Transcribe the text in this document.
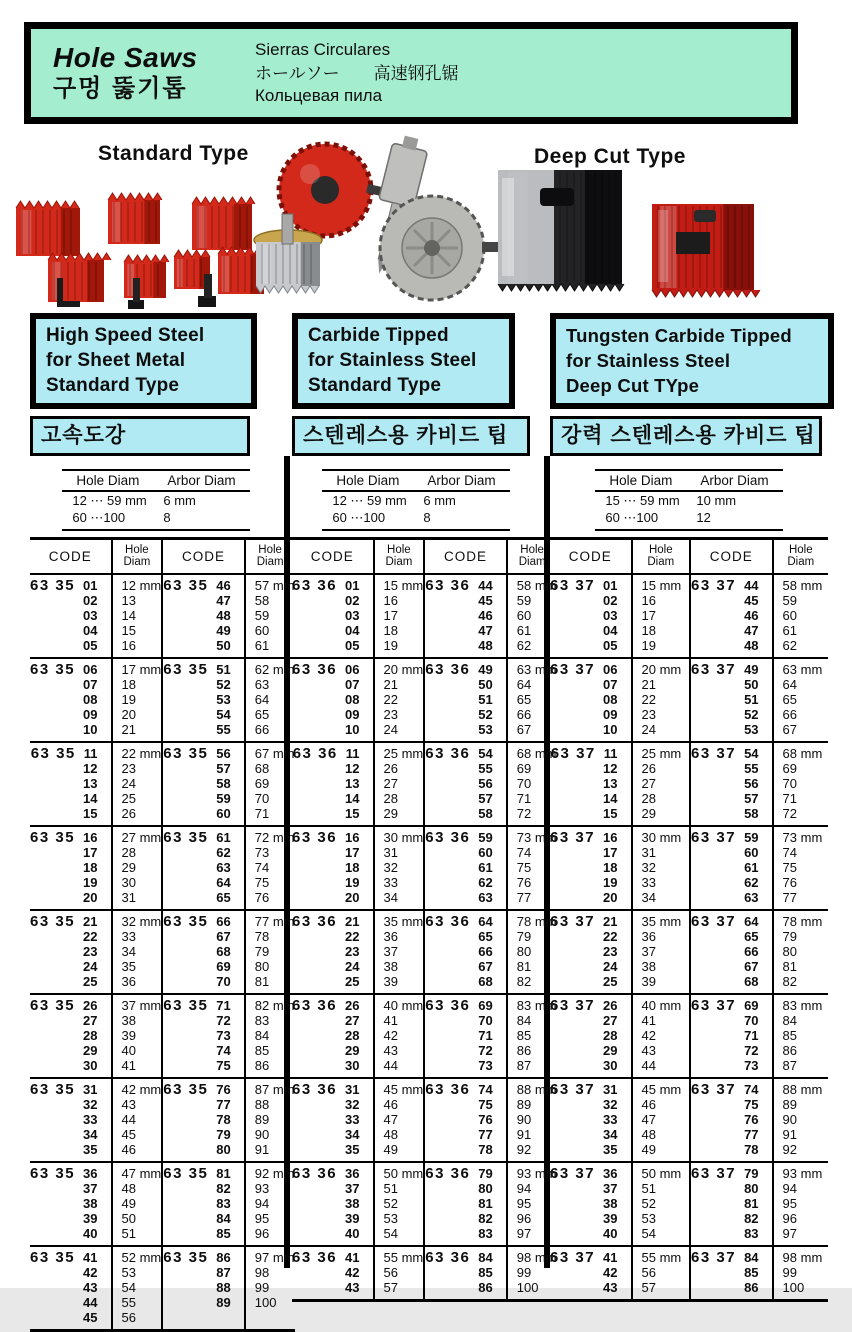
Hole Saws
구멍 뚫기톱
Sierras Circulares
ホールソー 高速钢孔锯
Кольцевая пила
Standard Type	Deep Cut Type
High Speed Steel
for Sheet Metal
Standard Type
고속도강
Hole Diam	Arbor Diam
12 ⋯ 59 mm	6 mm
60 ⋯100	8
CODE	Hole
Diam	CODE	Hole
Diam
63 35 01	12 mm	63 35 46	57 mm
02	13	47	58
03	14	48	59
04	15	49	60
05	16	50	61
63 35 06	17 mm	63 35 51	62 mm
07	18	52	63
08	19	53	64
09	20	54	65
10	21	55	66
63 35 11	22 mm	63 35 56	67 mm
12	23	57	68
13	24	58	69
14	25	59	70
15	26	60	71
63 35 16	27 mm	63 35 61	72 mm
17	28	62	73
18	29	63	74
19	30	64	75
20	31	65	76
63 35 21	32 mm	63 35 66	77 mm
22	33	67	78
23	34	68	79
24	35	69	80
25	36	70	81
63 35 26	37 mm	63 35 71	82 mm
27	38	72	83
28	39	73	84
29	40	74	85
30	41	75	86
63 35 31	42 mm	63 35 76	87 mm
32	43	77	88
33	44	78	89
34	45	79	90
35	46	80	91
63 35 36	47 mm	63 35 81	92 mm
37	48	82	93
38	49	83	94
39	50	84	95
40	51	85	96
63 35 41	52 mm	63 35 86	97 mm
42	53	87	98
43	54	88	99
44	55	89	100
45	56		
Carbide Tipped
for Stainless Steel
Standard Type
스텐레스용 카비드 팁
Hole Diam	Arbor Diam
12 ⋯ 59 mm	6 mm
60 ⋯100	8
CODE	Hole
Diam	CODE	Hole
Diam
63 36 01	15 mm	63 36 44	58 mm
02	16	45	59
03	17	46	60
04	18	47	61
05	19	48	62
63 36 06	20 mm	63 36 49	63 mm
07	21	50	64
08	22	51	65
09	23	52	66
10	24	53	67
63 36 11	25 mm	63 36 54	68 mm
12	26	55	69
13	27	56	70
14	28	57	71
15	29	58	72
63 36 16	30 mm	63 36 59	73 mm
17	31	60	74
18	32	61	75
19	33	62	76
20	34	63	77
63 36 21	35 mm	63 36 64	78 mm
22	36	65	79
23	37	66	80
24	38	67	81
25	39	68	82
63 36 26	40 mm	63 36 69	83 mm
27	41	70	84
28	42	71	85
29	43	72	86
30	44	73	87
63 36 31	45 mm	63 36 74	88 mm
32	46	75	89
33	47	76	90
34	48	77	91
35	49	78	92
63 36 36	50 mm	63 36 79	93 mm
37	51	80	94
38	52	81	95
39	53	82	96
40	54	83	97
63 36 41	55 mm	63 36 84	98 mm
42	56	85	99
43	57	86	100
Tungsten Carbide Tipped
for Stainless Steel
Deep Cut TYpe
강력 스텐레스용 카비드 팁
Hole Diam	Arbor Diam
15 ⋯ 59 mm	10 mm
60 ⋯100	12
CODE	Hole
Diam	CODE	Hole
Diam
63 37 01	15 mm	63 37 44	58 mm
02	16	45	59
03	17	46	60
04	18	47	61
05	19	48	62
63 37 06	20 mm	63 37 49	63 mm
07	21	50	64
08	22	51	65
09	23	52	66
10	24	53	67
63 37 11	25 mm	63 37 54	68 mm
12	26	55	69
13	27	56	70
14	28	57	71
15	29	58	72
63 37 16	30 mm	63 37 59	73 mm
17	31	60	74
18	32	61	75
19	33	62	76
20	34	63	77
63 37 21	35 mm	63 37 64	78 mm
22	36	65	79
23	37	66	80
24	38	67	81
25	39	68	82
63 37 26	40 mm	63 37 69	83 mm
27	41	70	84
28	42	71	85
29	43	72	86
30	44	73	87
63 37 31	45 mm	63 37 74	88 mm
32	46	75	89
33	47	76	90
34	48	77	91
35	49	78	92
63 37 36	50 mm	63 37 79	93 mm
37	51	80	94
38	52	81	95
39	53	82	96
40	54	83	97
63 37 41	55 mm	63 37 84	98 mm
42	56	85	99
43	57	86	100
